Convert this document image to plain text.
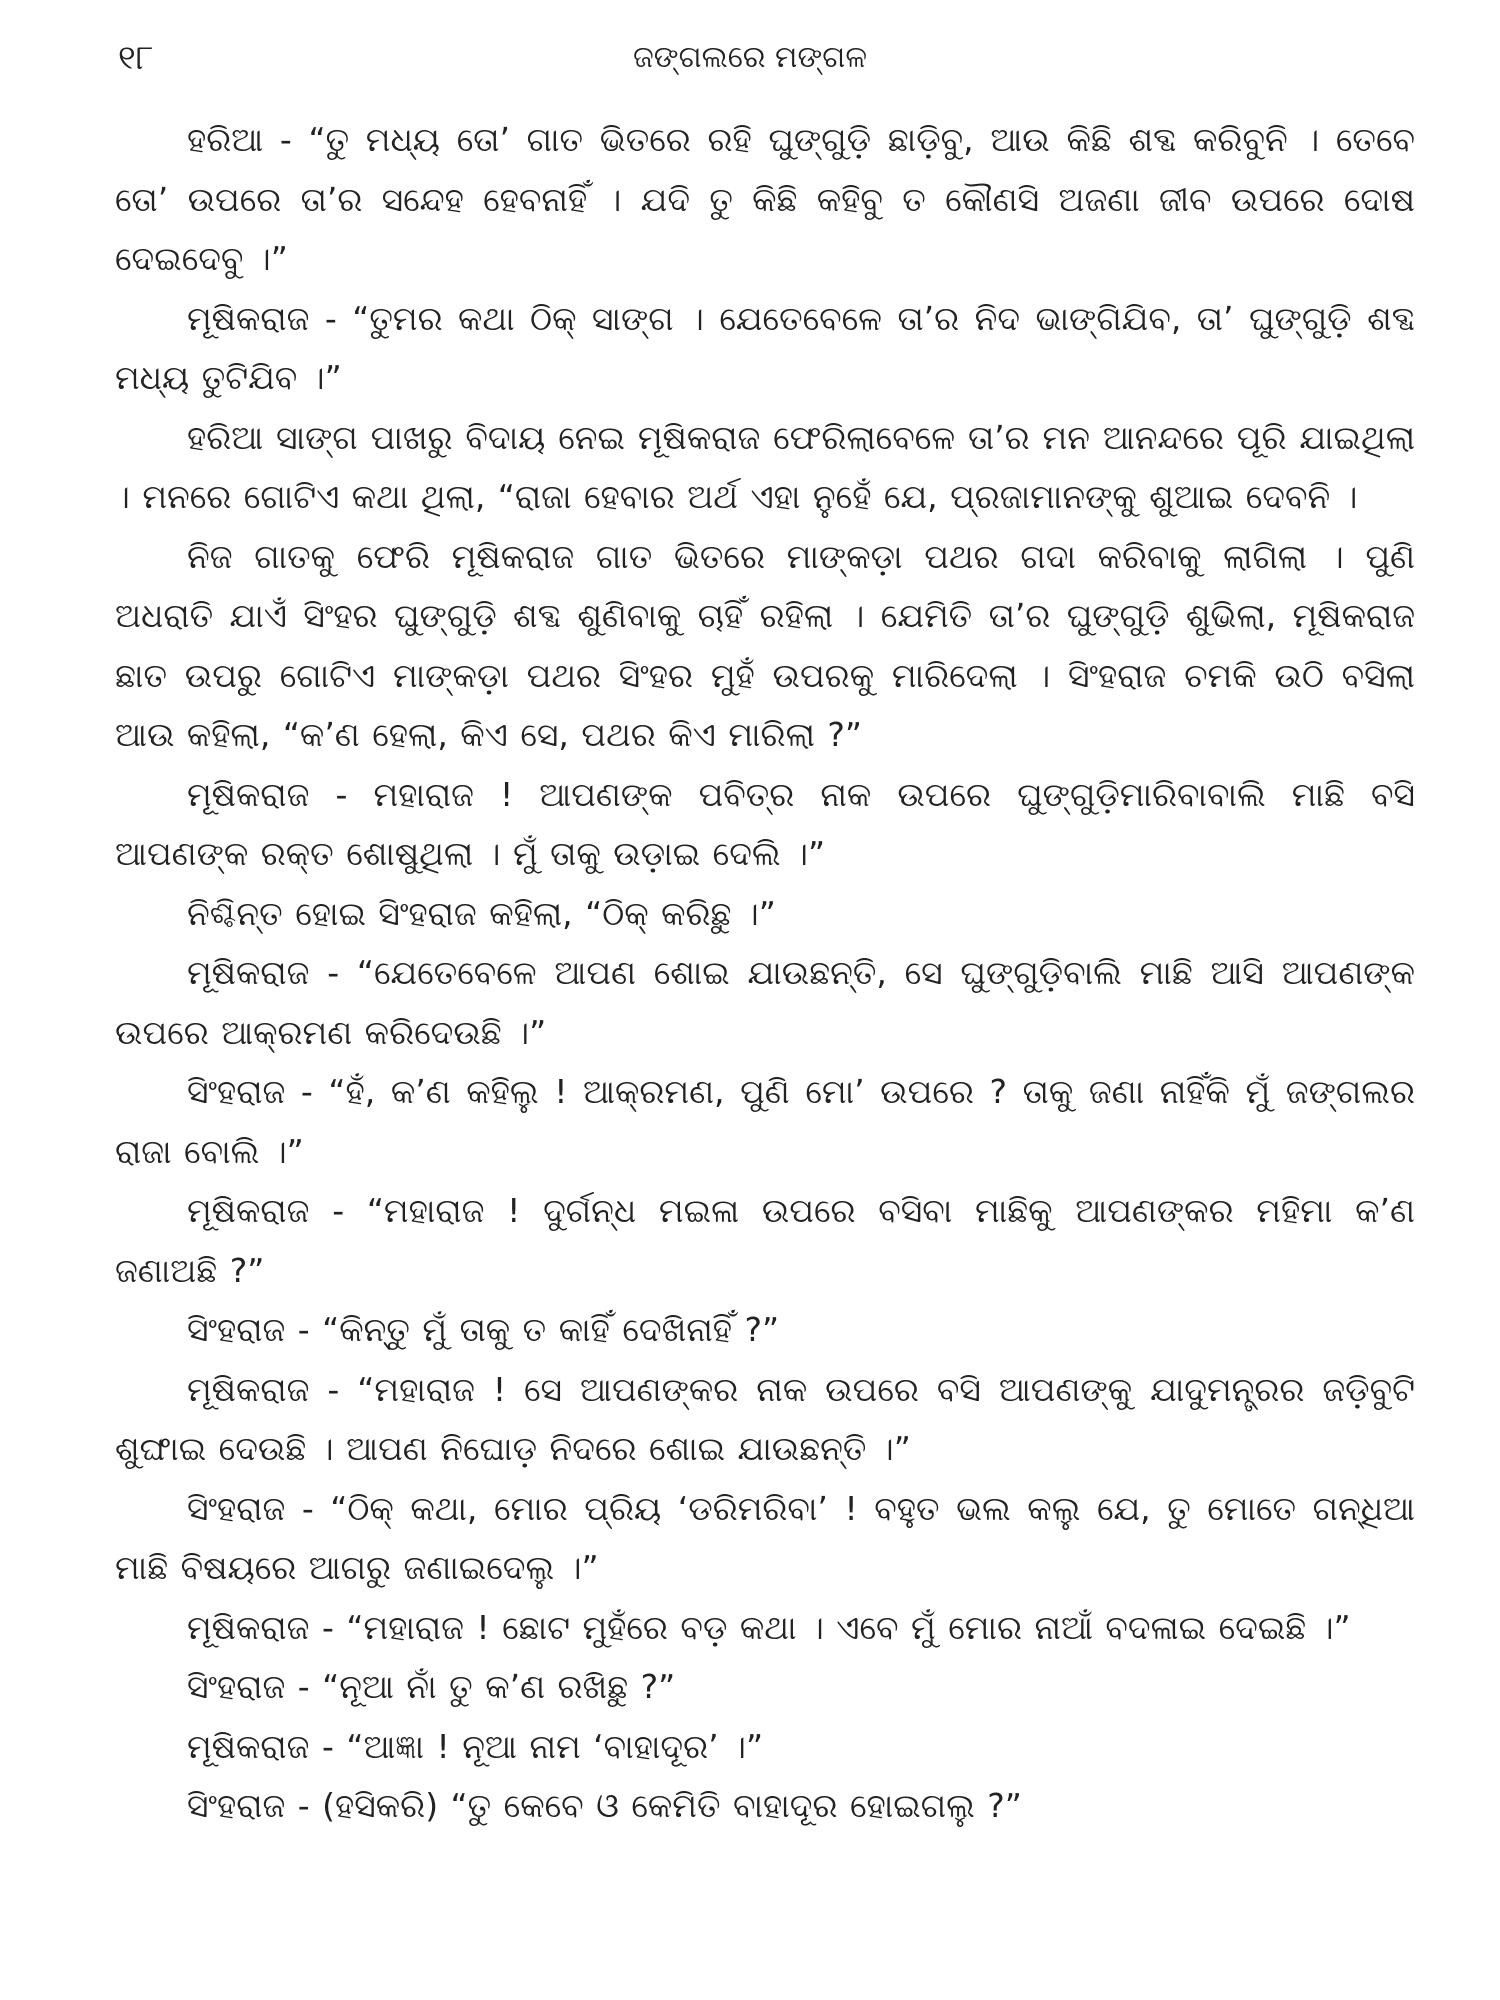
୧୮	ଜଙ୍ଗଲରେ ମଙ୍ଗଳ

ହରିଆ - “ତୁ ମଧ୍ୟ ତୋ’ ଗାତ ଭିତରେ ରହି ଘୁଙ୍ଗୁଡ଼ି ଛାଡ଼ିବୁ, ଆଉ କିଛି ଶବ୍ଦ କରିବୁନି । ତେବେ ତୋ’ ଉପରେ ତା’ର ସନ୍ଦେହ ହେବନାହିଁ । ଯଦି ତୁ କିଛି କହିବୁ ତ କୌଣସି ଅଜଣା ଜୀବ ଉପରେ ଦୋଷ ଦେଇଦେବୁ ।”

ମୂଷିକରାଜ - “ତୁମର କଥା ଠିକ୍ ସାଙ୍ଗ । ଯେତେବେଳେ ତା’ର ନିଦ ଭାଙ୍ଗିଯିବ, ତା’ ଘୁଙ୍ଗୁଡ଼ି ଶବ୍ଦ ମଧ୍ୟ ତୁଟିଯିବ ।”

ହରିଆ ସାଙ୍ଗ ପାଖରୁ ବିଦାୟ ନେଇ ମୂଷିକରାଜ ଫେରିଲାବେଳେ ତା’ର ମନ ଆନନ୍ଦରେ ପୂରି ଯାଇଥିଲା । ମନରେ ଗୋଟିଏ କଥା ଥିଲା, “ରାଜା ହେବାର ଅର୍ଥ ଏହା ନୁହେଁ ଯେ, ପ୍ରଜାମାନଙ୍କୁ ଶୁଆଇ ଦେବନି ।

ନିଜ ଗାତକୁ ଫେରି ମୂଷିକରାଜ ଗାତ ଭିତରେ ମାଙ୍କଡ଼ା ପଥର ଗଦା କରିବାକୁ ଲାଗିଲା । ପୁଣି ଅଧରାତି ଯାଏଁ ସିଂହର ଘୁଙ୍ଗୁଡ଼ି ଶବ୍ଦ ଶୁଣିବାକୁ ଚାହିଁ ରହିଲା । ଯେମିତି ତା’ର ଘୁଙ୍ଗୁଡ଼ି ଶୁଭିଲା, ମୂଷିକରାଜ ଛାତ ଉପରୁ ଗୋଟିଏ ମାଙ୍କଡ଼ା ପଥର ସିଂହର ମୁହଁ ଉପରକୁ ମାରିଦେଲା । ସିଂହରାଜ ଚମକି ଉଠି ବସିଲା ଆଉ କହିଲା, “କ’ଣ ହେଲା, କିଏ ସେ, ପଥର କିଏ ମାରିଲା ?”

ମୂଷିକରାଜ - ମହାରାଜ ! ଆପଣଙ୍କ ପବିତ୍ର ନାକ ଉପରେ ଘୁଙ୍ଗୁଡ଼ିମାରିବାବାଲି ମାଛି ବସି ଆପଣଙ୍କ ରକ୍ତ ଶୋଷୁଥିଲା । ମୁଁ ତାକୁ ଉଡ଼ାଇ ଦେଲି ।”

ନିଶ୍ଚିନ୍ତ ହୋଇ ସିଂହରାଜ କହିଲା, “ଠିକ୍ କରିଛୁ ।”

ମୂଷିକରାଜ - “ଯେତେବେଳେ ଆପଣ ଶୋଇ ଯାଉଛନ୍ତି, ସେ ଘୁଙ୍ଗୁଡ଼ିବାଲି ମାଛି ଆସି ଆପଣଙ୍କ ଉପରେ ଆକ୍ରମଣ କରିଦେଉଛି ।”

ସିଂହରାଜ - “ହଁ, କ’ଣ କହିଲୁ ! ଆକ୍ରମଣ, ପୁଣି ମୋ’ ଉପରେ ? ତାକୁ ଜଣା ନାହିଁକି ମୁଁ ଜଙ୍ଗଲର ରାଜା ବୋଲି ।”

ମୂଷିକରାଜ - “ମହାରାଜ ! ଦୁର୍ଗନ୍ଧ ମଇଳା ଉପରେ ବସିବା ମାଛିକୁ ଆପଣଙ୍କର ମହିମା କ’ଣ ଜଣାଅଛି ?”

ସିଂହରାଜ - “କିନ୍ତୁ ମୁଁ ତାକୁ ତ କାହିଁ ଦେଖିନାହିଁ ?”

ମୂଷିକରାଜ - “ମହାରାଜ ! ସେ ଆପଣଙ୍କର ନାକ ଉପରେ ବସି ଆପଣଙ୍କୁ ଯାଦୁମନ୍ତ୍ରର ଜଡ଼ିବୁଟି ଶୁଙ୍ଘାଇ ଦେଉଛି । ଆପଣ ନିଘୋଡ଼ ନିଦରେ ଶୋଇ ଯାଉଛନ୍ତି ।”

ସିଂହରାଜ - “ଠିକ୍ କଥା, ମୋର ପ୍ରିୟ ‘ଡରିମରିବା’ ! ବହୁତ ଭଲ କଲୁ ଯେ, ତୁ ମୋତେ ଗନ୍ଧିଆ ମାଛି ବିଷୟରେ ଆଗରୁ ଜଣାଇଦେଲୁ ।”

ମୂଷିକରାଜ - “ମହାରାଜ ! ଛୋଟ ମୁହଁରେ ବଡ଼ କଥା । ଏବେ ମୁଁ ମୋର ନାଆଁ ବଦଳାଇ ଦେଇଛି ।”

ସିଂହରାଜ - “ନୂଆ ନାଁ ତୁ କ’ଣ ରଖିଛୁ ?”

ମୂଷିକରାଜ - “ଆଜ୍ଞା ! ନୂଆ ନାମ ‘ବାହାଦୂର’ ।”

ସିଂହରାଜ - (ହସିକରି) “ତୁ କେବେ ଓ କେମିତି ବାହାଦୂର ହୋଇଗଲୁ ?”
